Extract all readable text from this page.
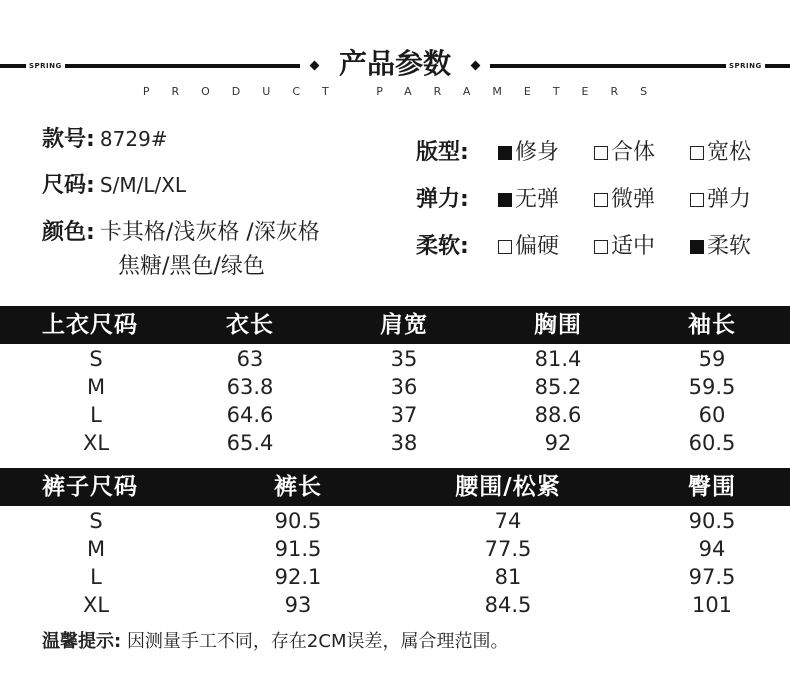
SPRING	SPRING
产品参数
PRODUCT PARAMETERS
款号: 8729#
尺码: S/M/L/XL
颜色: 卡其格/浅灰格 /深灰格
焦糖/黑色/绿色
版型:	修身	合体	宽松
弹力:	无弹	微弹	弹力
柔软:	偏硬	适中	柔软
上衣尺码	衣长	肩宽	胸围	袖长
S	63	35	81.4	59
M	63.8	36	85.2	59.5
L	64.6	37	88.6	60
XL	65.4	38	92	60.5
裤子尺码	裤长	腰围/松紧	臀围
S	90.5	74	90.5
M	91.5	77.5	94
L	92.1	81	97.5
XL	93	84.5	101
温馨提示: 因测量手工不同，存在2CM误差，属合理范围。
